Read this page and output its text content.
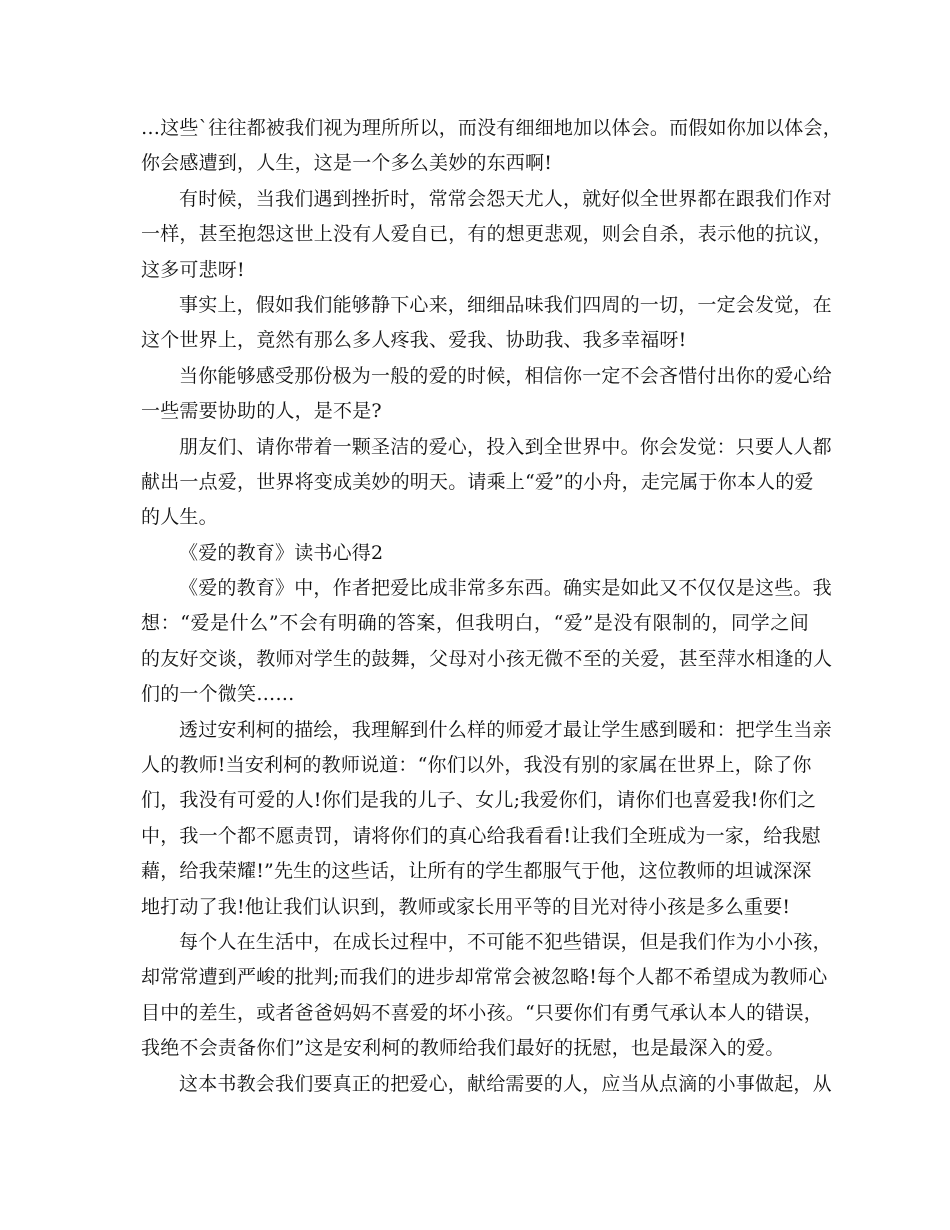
…这些`往往都被我们视为理所所以，而没有细细地加以体会。而假如你加以体会，
你会感遭到，人生，这是一个多么美妙的东西啊!
有时候，当我们遇到挫折时，常常会怨天尤人，就好似全世界都在跟我们作对
一样，甚至抱怨这世上没有人爱自已，有的想更悲观，则会自杀，表示他的抗议，
这多可悲呀!
事实上，假如我们能够静下心来，细细品味我们四周的一切，一定会发觉，在
这个世界上，竟然有那么多人疼我、爱我、协助我、我多幸福呀!
当你能够感受那份极为一般的爱的时候，相信你一定不会吝惜付出你的爱心给
一些需要协助的人，是不是?
朋友们、请你带着一颗圣洁的爱心，投入到全世界中。你会发觉：只要人人都
献出一点爱，世界将变成美妙的明天。请乘上“爱”的小舟，走完属于你本人的爱
的人生。
《爱的教育》读书心得2
《爱的教育》中，作者把爱比成非常多东西。确实是如此又不仅仅是这些。我
想：“爱是什么”不会有明确的答案，但我明白，“爱”是没有限制的，同学之间
的友好交谈，教师对学生的鼓舞，父母对小孩无微不至的关爱，甚至萍水相逢的人
们的一个微笑……
透过安利柯的描绘，我理解到什么样的师爱才最让学生感到暖和：把学生当亲
人的教师!当安利柯的教师说道：“你们以外，我没有别的家属在世界上，除了你
们，我没有可爱的人!你们是我的儿子、女儿;我爱你们，请你们也喜爱我!你们之
中，我一个都不愿责罚，请将你们的真心给我看看!让我们全班成为一家，给我慰
藉，给我荣耀!”先生的这些话，让所有的学生都服气于他，这位教师的坦诚深深
地打动了我!他让我们认识到，教师或家长用平等的目光对待小孩是多么重要!
每个人在生活中，在成长过程中，不可能不犯些错误，但是我们作为小小孩，
却常常遭到严峻的批判;而我们的进步却常常会被忽略!每个人都不希望成为教师心
目中的差生，或者爸爸妈妈不喜爱的坏小孩。“只要你们有勇气承认本人的错误，
我绝不会责备你们”这是安利柯的教师给我们最好的抚慰，也是最深入的爱。
这本书教会我们要真正的把爱心，献给需要的人，应当从点滴的小事做起，从
